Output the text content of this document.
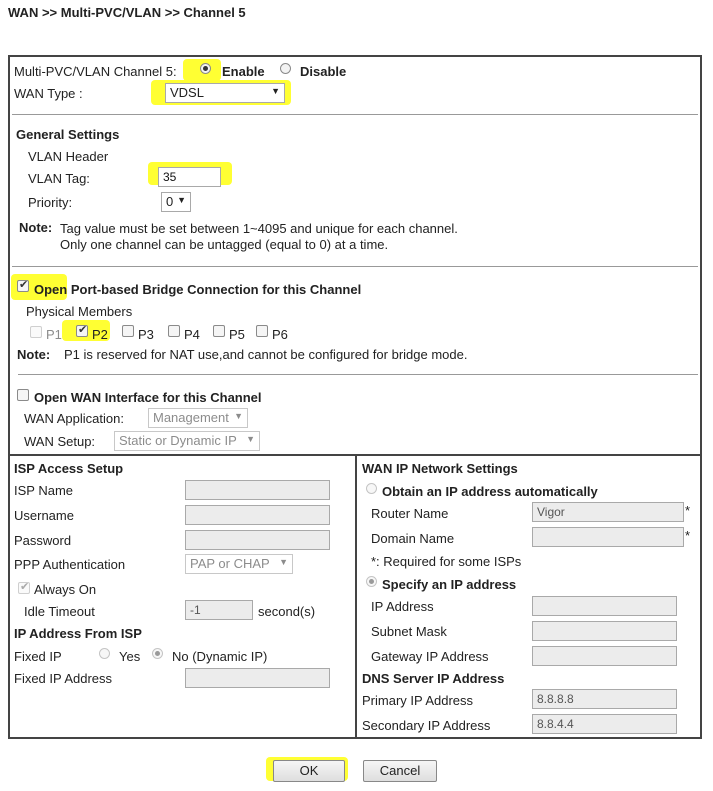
WAN >> Multi-PVC/VLAN >> Channel 5
Multi-PVC/VLAN Channel 5:	Enable	Disable
WAN Type :	VDSL	▼
General Settings
VLAN Header
VLAN Tag:	35
Priority:	0 ▼
Note: Tag value must be set between 1~4095 and unique for each channel.
Only one channel can be untagged (equal to 0) at a time.
✔
Open Port-based Bridge Connection for this Channel
Physical Members
P1
✔ P2 P3 P4 P5 P6
Note: P1 is reserved for NAT use,and cannot be configured for bridge mode.
Open WAN Interface for this Channel
WAN Application:	Management ▼
WAN Setup:	Static or Dynamic IP ▼
ISP Access Setup
ISP Name
Username
Password
PPP Authentication	PAP or CHAP ▼
✔
Always On
Idle Timeout	-1	second(s)
IP Address From ISP
Fixed IP	Yes No (Dynamic IP)
Fixed IP Address
WAN IP Network Settings
Obtain an IP address automatically
Router Name	Vigor	*
Domain Name	*
*: Required for some ISPs
Specify an IP address
IP Address
Subnet Mask
Gateway IP Address
DNS Server IP Address
Primary IP Address	8.8.8.8
Secondary IP Address	8.8.4.4
OK	Cancel
